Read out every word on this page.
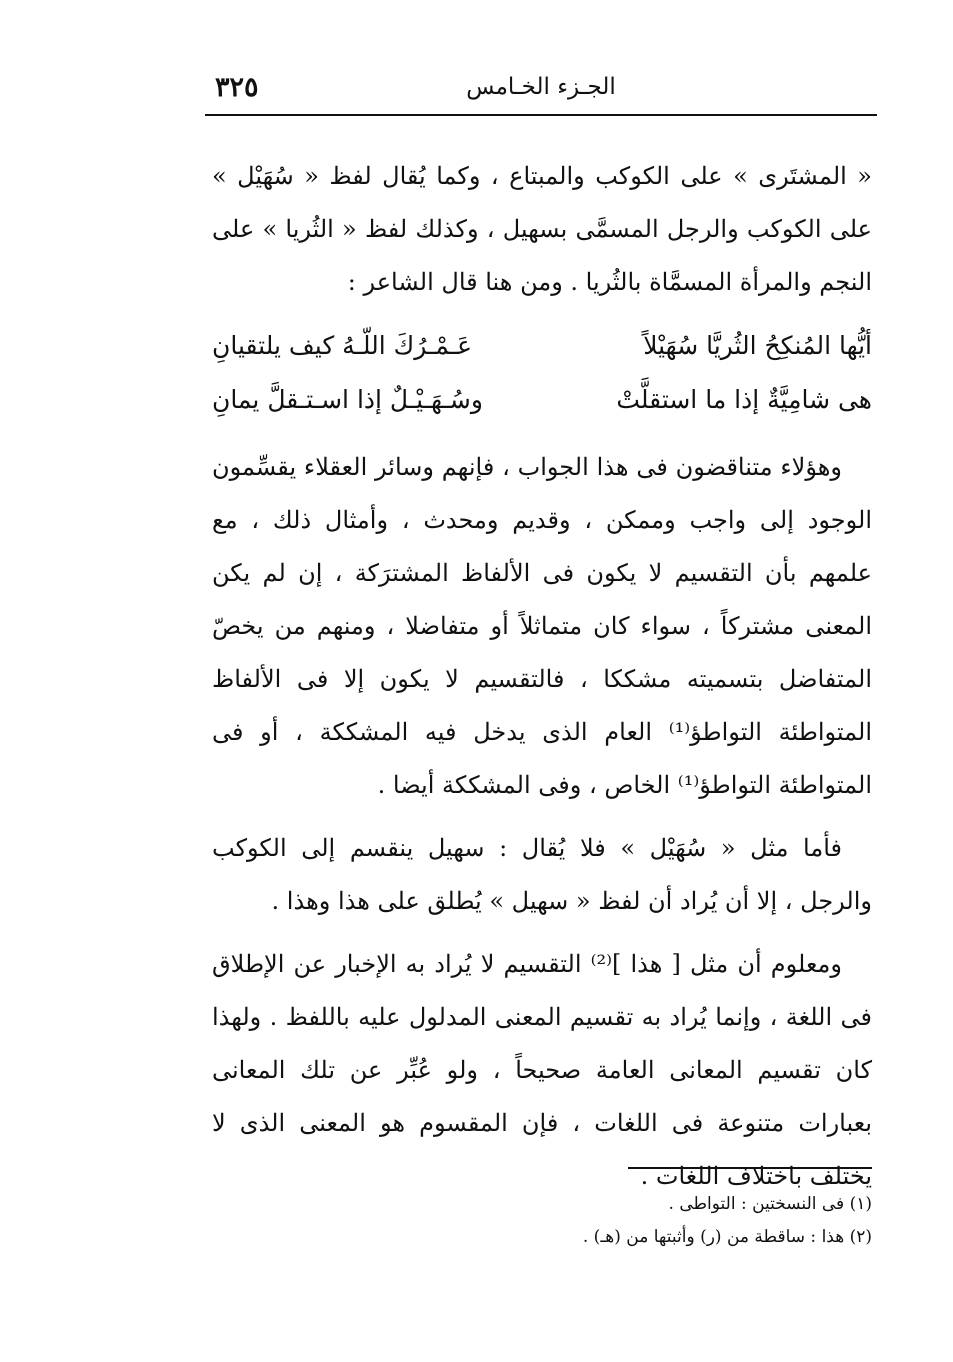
٣٢٥	الجـزء الخـامس

« المشتَرى » على الكوكب والمبتاع ، وكما يُقال لفظ « سُهَيْل » على الكوكب والرجل المسمَّى بسهيل ، وكذلك لفظ « الثُريا » على النجم والمرأة المسمَّاة بالثُريا . ومن هنا قال الشاعر :

أيُّها المُنكِحُ الثُريَّا سُهَيْلاً
عَـمْـرُكَ اللّـهُ كيف يلتقيانِ
هى شامِيَّةٌ إذا ما استقلَّتْ
وسُـهَـيْـلٌ إذا اسـتـقلَّ يمانِ

وهؤلاء متناقضون فى هذا الجواب ، فإنهم وسائر العقلاء يقسِّمون الوجود إلى واجب وممكن ، وقديم ومحدث ، وأمثال ذلك ، مع علمهم بأن التقسيم لا يكون فى الألفاظ المشترَكة ، إن لم يكن المعنى مشتركاً ، سواء كان متماثلاً أو متفاضلا ، ومنهم من يخصّ المتفاضل بتسميته مشككا ، فالتقسيم لا يكون إلا فى الألفاظ المتواطئة التواطؤ⁽¹⁾ العام الذى يدخل فيه المشككة ، أو فى المتواطئة التواطؤ⁽¹⁾ الخاص ، وفى المشككة أيضا .

فأما مثل « سُهَيْل » فلا يُقال : سهيل ينقسم إلى الكوكب والرجل ، إلا أن يُراد أن لفظ « سهيل » يُطلق على هذا وهذا .

ومعلوم أن مثل [ هذا ]⁽²⁾ التقسيم لا يُراد به الإخبار عن الإطلاق فى اللغة ، وإنما يُراد به تقسيم المعنى المدلول عليه باللفظ . ولهذا كان تقسيم المعانى العامة صحيحاً ، ولو عُبِّر عن تلك المعانى بعبارات متنوعة فى اللغات ، فإن المقسوم هو المعنى الذى لا يختلف باختلاف اللغات .

(١) فى النسختين : التواطى .

(٢) هذا : ساقطة من (ر) وأثبتها من (هـ) .
